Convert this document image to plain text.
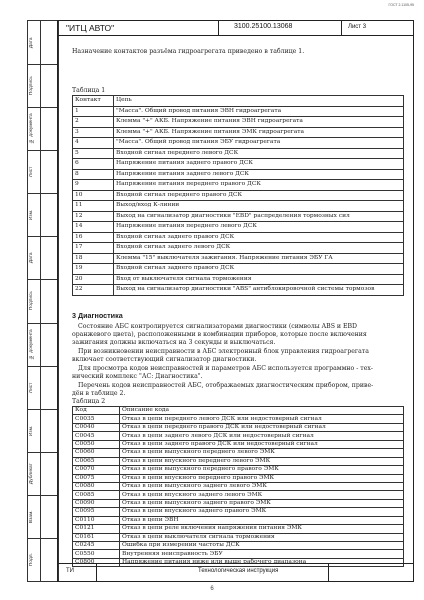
ГОСТ 2.1105-95
Дата
Подпись
№ документа
Лист
Изм.
Дата
Подпись
№ документа
Лист
Изм.
Дубликат
Взам.
Подл.
"ИТЦ АВТО"	3100.25100.13068	Лист 3
Назначение контактов разъёма гидроагрегата приведено в таблице 1.
Таблица 1
Контакт	Цепь
1	"Масса". Общий провод питания ЭВН гидроагрегата
2	Клемма "+" АКБ. Напряжение питания ЭВН гидроагрегата
3	Клемма "+" АКБ. Напряжение питания ЭМК гидроагрегата
4	"Масса". Общий провод питания ЭБУ гидроагрегата
5	Входной сигнал переднего левого ДСК
6	Напряжение питания заднего правого ДСК
8	Напряжение питания заднего левого ДСК
9	Напряжение питания переднего правого ДСК
10	Входной сигнал переднего правого ДСК
11	Выход/вход К-линии
12	Выход на сигнализатор диагностики "EBD" распределения тормозных сил
14	Напряжение питания переднего левого ДСК
16	Входной сигнал заднего правого ДСК
17	Входной сигнал заднего левого ДСК
18	Клемма "15" выключателя зажигания. Напряжение питания ЭБУ ГА
19	Входной сигнал заднего правого ДСК
20	Вход от выключателя сигнала торможения
22	Выход на сигнализатор диагностики "ABS" антиблокировочной системы тормозов
3 Диагностика
Состояние АБС контролируется сигнализаторами диагностики (символы ABS и EBD
оранжевого цвета), расположенными в комбинации приборов, которые после включения
зажигания должны включаться на 3 секунды и выключаться.
При возникновении неисправности в АБС электронный блок управления гидроагрегата
включает соответствующий сигнализатор диагностики.
Для просмотра кодов неисправностей и параметров АБС используется программно - тех-
нический комплекс "АС: Диагностика".
Перечень кодов неисправностей АБС, отображаемых диагностическим прибором, приве-
дён в таблице 2.
Таблица 2
Код	Описание кода
C0035	Отказ в цепи переднего левого ДСК или недостоверный сигнал
C0040	Отказ в цепи переднего правого ДСК или недостоверный сигнал
C0045	Отказ в цепи заднего левого ДСК или недостоверный сигнал
C0050	Отказ в цепи заднего правого ДСК или недостоверный сигнал
C0060	Отказ в цепи выпускного переднего левого ЭМК
C0065	Отказ в цепи впускного переднего левого ЭМК
C0070	Отказ в цепи выпускного переднего правого ЭМК
C0075	Отказ в цепи впускного переднего правого ЭМК
C0080	Отказ в цепи выпускного заднего левого ЭМК
C0085	Отказ в цепи впускного заднего левого ЭМК
C0090	Отказ в цепи выпускного заднего правого ЭМК
C0095	Отказ в цепи впускного заднего правого ЭМК
C0110	Отказ в цепи ЭВН
C0121	Отказ в цепи реле включения напряжения питания ЭМК
C0161	Отказ в цепи выключателя сигнала торможения
C0245	Ошибка при измерении частоты ДСК
C0550	Внутренняя неисправность ЭБУ
C0800	Напряжение питания ниже или выше рабочего диапазона
ТИ	Технологическая инструкция
6
